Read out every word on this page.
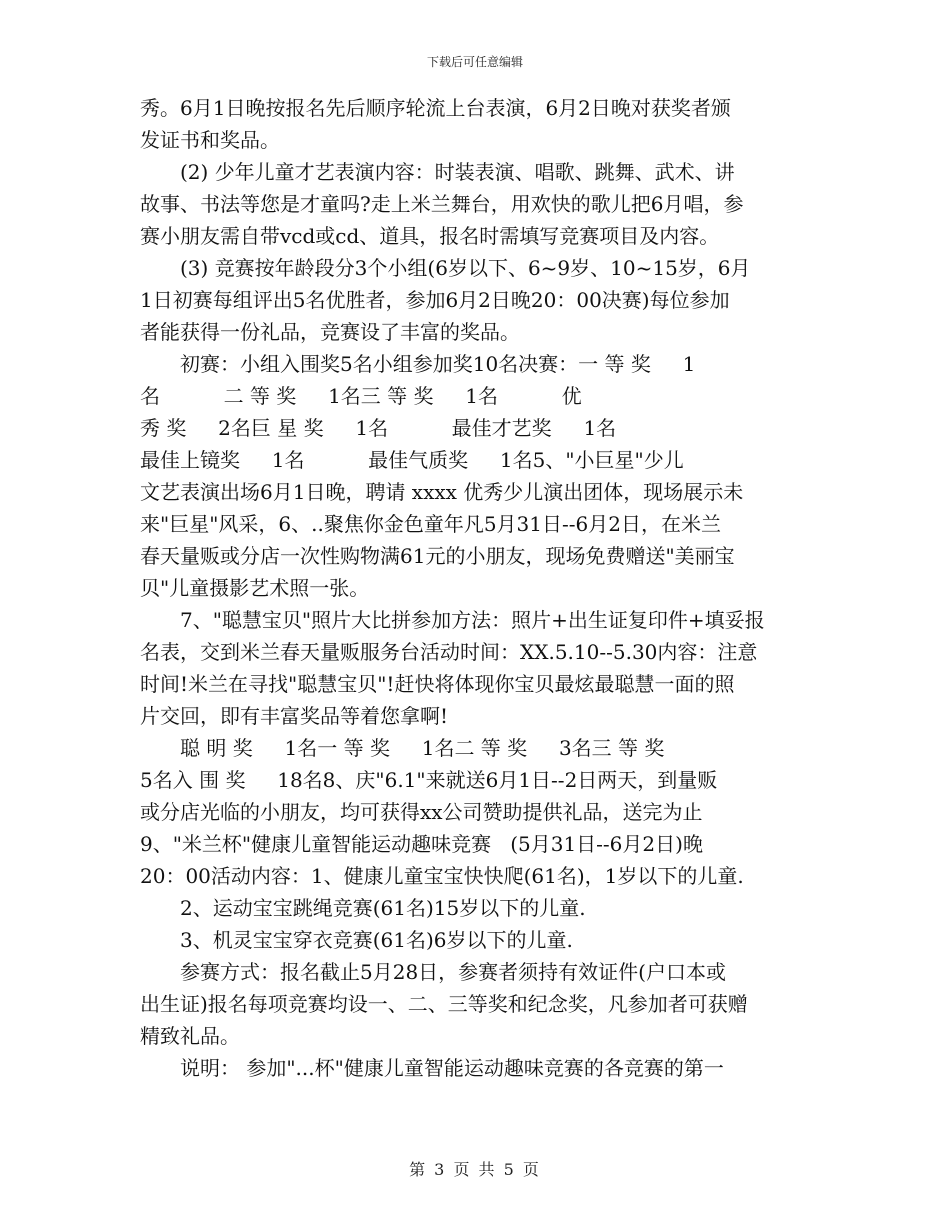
下载后可任意编辑

秀。6月1日晚按报名先后顺序轮流上台表演，6月2日晚对获奖者颁

发证书和奖品。

(2) 少年儿童才艺表演内容：时装表演、唱歌、跳舞、武术、讲

故事、书法等您是才童吗?走上米兰舞台，用欢快的歌儿把6月唱，参

赛小朋友需自带vcd或cd、道具，报名时需填写竞赛项目及内容。

(3) 竞赛按年龄段分3个小组(6岁以下、6~9岁、10~15岁，6月

1日初赛每组评出5名优胜者，参加6月2日晚20：00决赛)每位参加

者能获得一份礼品，竞赛设了丰富的奖品。

初赛：小组入围奖5名小组参加奖10名决赛：一 等 奖     1

名          二 等 奖     1名三 等 奖     1名          优

秀 奖     2名巨 星 奖     1名          最佳才艺奖     1名

最佳上镜奖     1名          最佳气质奖     1名5、"小巨星"少儿

文艺表演出场6月1日晚，聘请 xxxx 优秀少儿演出团体，现场展示未

来"巨星"风采，6、..聚焦你金色童年凡5月31日--6月2日，在米兰

春天量贩或分店一次性购物满61元的小朋友，现场免费赠送"美丽宝

贝"儿童摄影艺术照一张。

7、"聪慧宝贝"照片大比拼参加方法：照片+出生证复印件+填妥报

名表，交到米兰春天量贩服务台活动时间：XX.5.10--5.30内容：注意

时间!米兰在寻找"聪慧宝贝"!赶快将体现你宝贝最炫最聪慧一面的照

片交回，即有丰富奖品等着您拿啊!

聪 明 奖     1名一 等 奖     1名二 等 奖     3名三 等 奖

5名入 围 奖     18名8、庆"6.1"来就送6月1日--2日两天，到量贩

或分店光临的小朋友，均可获得xx公司赞助提供礼品，送完为止

9、"米兰杯"健康儿童智能运动趣味竞赛   (5月31日--6月2日)晚

20：00活动内容：1、健康儿童宝宝快快爬(61名)，1岁以下的儿童.

2、运动宝宝跳绳竞赛(61名)15岁以下的儿童.

3、机灵宝宝穿衣竞赛(61名)6岁以下的儿童.

参赛方式：报名截止5月28日，参赛者须持有效证件(户口本或

出生证)报名每项竞赛均设一、二、三等奖和纪念奖，凡参加者可获赠

精致礼品。

说明： 参加"...杯"健康儿童智能运动趣味竞赛的各竞赛的第一

第 3 页 共 5 页
